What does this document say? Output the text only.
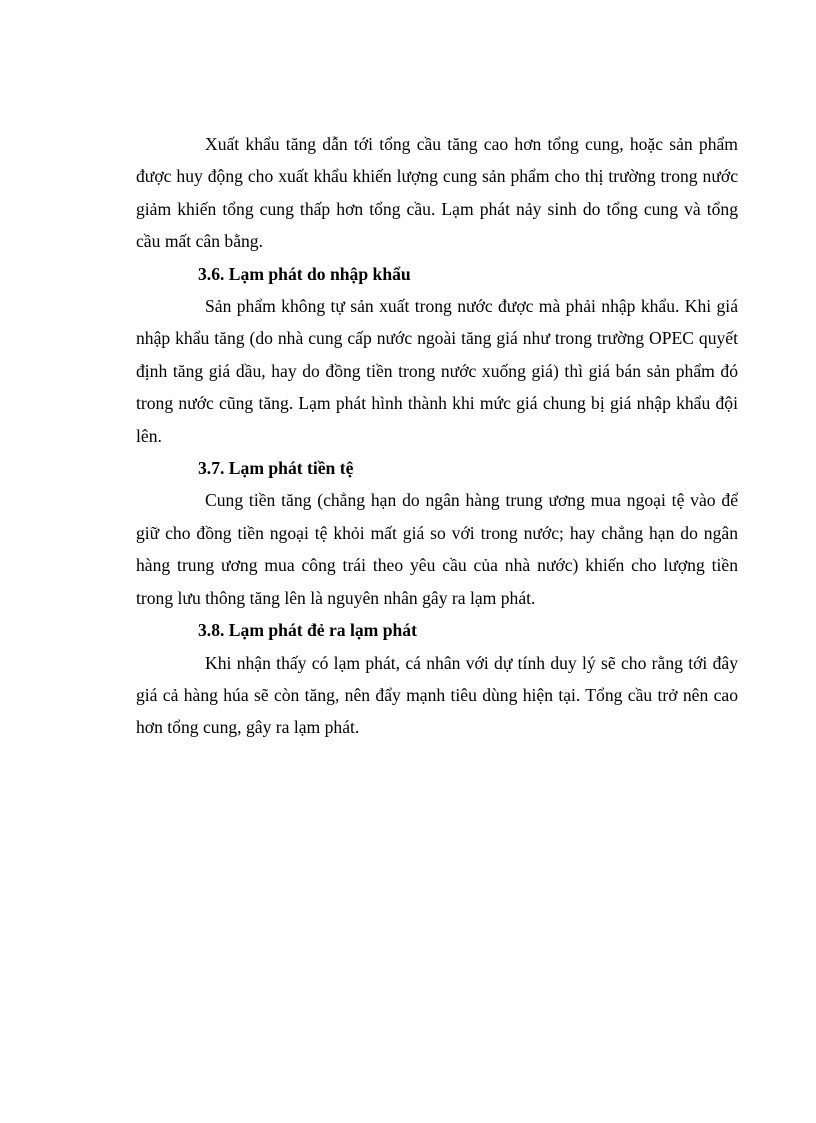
Xuất khẩu tăng dẫn tới tổng cầu tăng cao hơn tổng cung, hoặc sản phẩm được huy động cho xuất khẩu khiến lượng cung sản phẩm cho thị trường trong nước giảm khiến tổng cung thấp hơn tổng cầu. Lạm phát nảy sinh do tổng cung và tổng cầu mất cân bằng.

3.6. Lạm phát do nhập khẩu

Sản phẩm không tự sản xuất trong nước được mà phải nhập khẩu. Khi giá nhập khẩu tăng (do nhà cung cấp nước ngoài tăng giá như trong trường OPEC quyết định tăng giá dầu, hay do đồng tiền trong nước xuống giá) thì giá bán sản phẩm đó trong nước cũng tăng. Lạm phát hình thành khi mức giá chung bị giá nhập khẩu đội lên.

3.7. Lạm phát tiền tệ

Cung tiền tăng (chẳng hạn do ngân hàng trung ương mua ngoại tệ vào để giữ cho đồng tiền ngoại tệ khỏi mất giá so với trong nước; hay chẳng hạn do ngân hàng trung ương mua công trái theo yêu cầu của nhà nước) khiến cho lượng tiền trong lưu thông tăng lên là nguyên nhân gây ra lạm phát.

3.8. Lạm phát đẻ ra lạm phát

Khi nhận thấy có lạm phát, cá nhân với dự tính duy lý sẽ cho rằng tới đây giá cả hàng húa sẽ còn tăng, nên đẩy mạnh tiêu dùng hiện tại. Tổng cầu trở nên cao hơn tổng cung, gây ra lạm phát.
